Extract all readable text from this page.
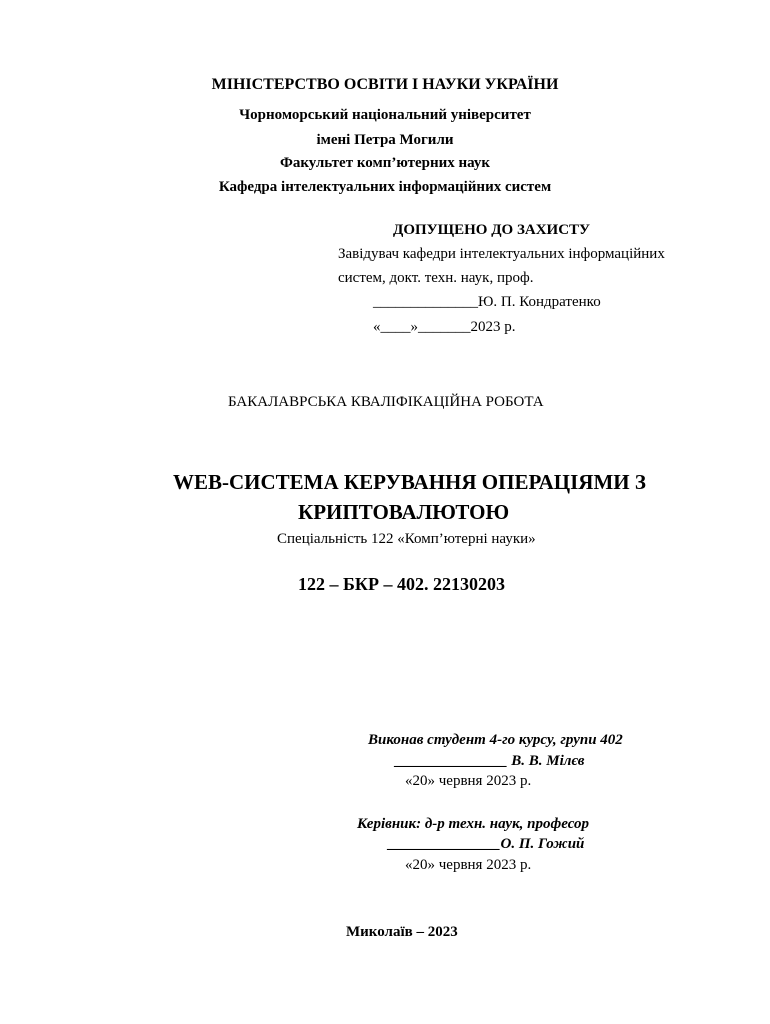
МІНІСТЕРСТВО ОСВІТИ І НАУКИ УКРАЇНИ
Чорноморський національний університет
імені Петра Могили
Факультет комп’ютерних наук
Кафедра інтелектуальних інформаційних систем
ДОПУЩЕНО ДО ЗАХИСТУ
Завідувач кафедри інтелектуальних інформаційних
систем, докт. техн. наук, проф.
______________Ю. П. Кондратенко
«____»_______2023 р.
БАКАЛАВРСЬКА КВАЛІФІКАЦІЙНА РОБОТА
WEB-СИСТЕМА КЕРУВАННЯ ОПЕРАЦІЯМИ З
КРИПТОВАЛЮТОЮ
Спеціальність 122 «Комп’ютерні науки»
122 – БКР – 402. 22130203
Виконав студент 4-го курсу, групи 402
_______________ В. В. Мілєв
«20» червня 2023 р.
Керівник: д-р техн. наук, професор
_______________О. П. Гожий
«20» червня 2023 р.
Миколаїв – 2023
